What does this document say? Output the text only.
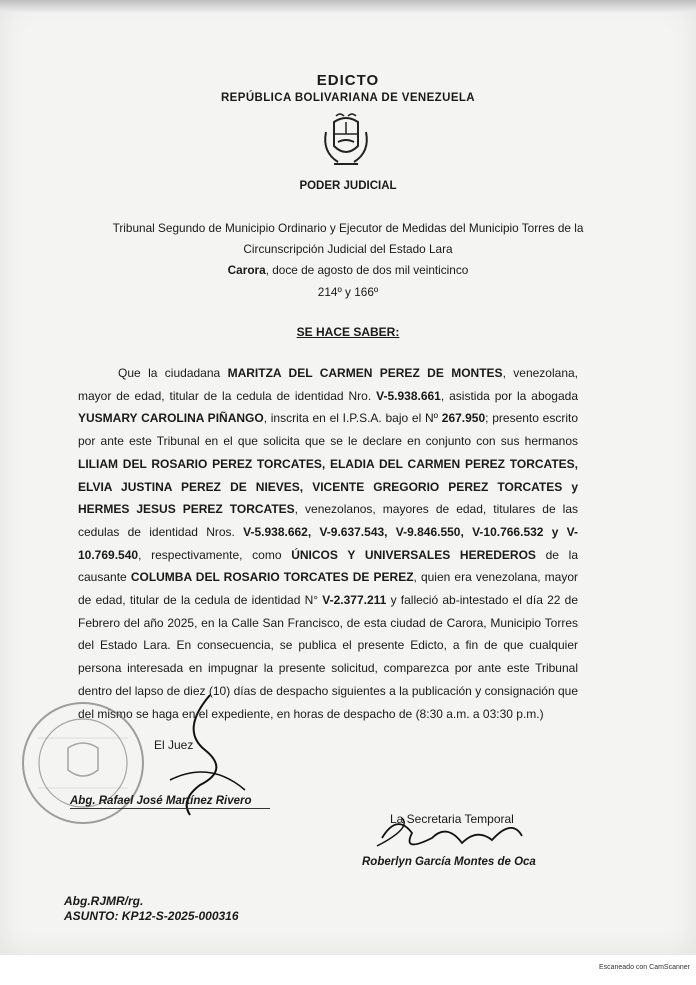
EDICTO
REPÚBLICA BOLIVARIANA DE VENEZUELA
PODER JUDICIAL
Tribunal Segundo de Municipio Ordinario y Ejecutor de Medidas del Municipio Torres de la
Circunscripción Judicial del Estado Lara
Carora, doce de agosto de dos mil veinticinco
214º y 166º
SE HACE SABER:
Que la ciudadana MARITZA DEL CARMEN PEREZ DE MONTES, venezolana, mayor de edad, titular de la cedula de identidad Nro. V-5.938.661, asistida por la abogada YUSMARY CAROLINA PIÑANGO, inscrita en el I.P.S.A. bajo el Nº 267.950; presento escrito por ante este Tribunal en el que solicita que se le declare en conjunto con sus hermanos LILIAM DEL ROSARIO PEREZ TORCATES, ELADIA DEL CARMEN PEREZ TORCATES, ELVIA JUSTINA PEREZ DE NIEVES, VICENTE GREGORIO PEREZ TORCATES y HERMES JESUS PEREZ TORCATES, venezolanos, mayores de edad, titulares de las cedulas de identidad Nros. V-5.938.662, V-9.637.543, V-9.846.550, V-10.766.532 y V-10.769.540, respectivamente, como ÚNICOS Y UNIVERSALES HEREDEROS de la causante COLUMBA DEL ROSARIO TORCATES DE PEREZ, quien era venezolana, mayor de edad, titular de la cedula de identidad N° V-2.377.211 y falleció ab-intestado el día 22 de Febrero del año 2025, en la Calle San Francisco, de esta ciudad de Carora, Municipio Torres del Estado Lara. En consecuencia, se publica el presente Edicto, a fin de que cualquier persona interesada en impugnar la presente solicitud, comparezca por ante este Tribunal dentro del lapso de diez (10) días de despacho siguientes a la publicación y consignación que del mismo se haga en el expediente, en horas de despacho de (8:30 a.m. a 03:30 p.m.)
El Juez
Abg. Rafael José Martínez Rivero
La Secretaria Temporal
Roberlyn García Montes de Oca
Abg.RJMR/rg.
ASUNTO: KP12-S-2025-000316
Escaneado con CamScanner
